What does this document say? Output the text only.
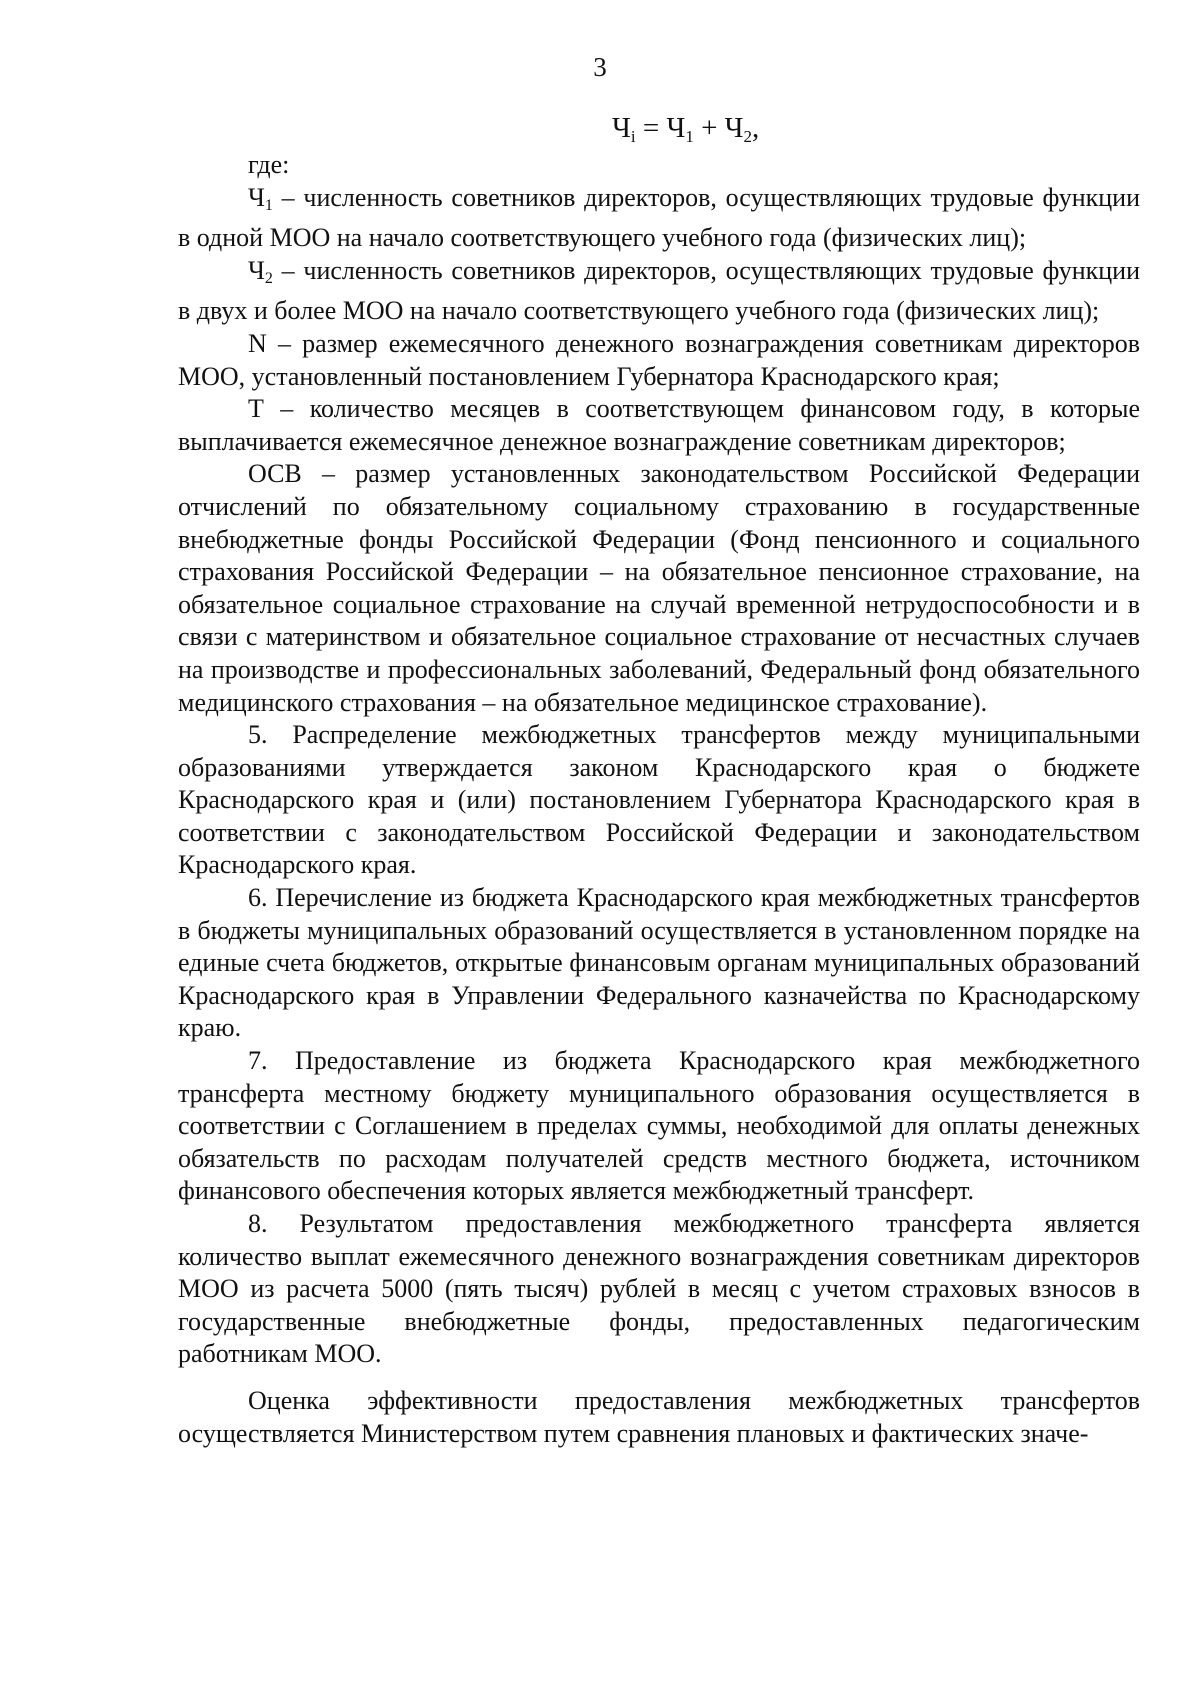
3
$Ч_i = Ч_1 + Ч_2$,

где:

$Ч_1$ – численность советников директоров, осуществляющих трудовые функции в одной МОО на начало соответствующего учебного года (физических лиц);

$Ч_2$ – численность советников директоров, осуществляющих трудовые функции в двух и более МОО на начало соответствующего учебного года (физических лиц);

N – размер ежемесячного денежного вознаграждения советникам директоров МОО, установленный постановлением Губернатора Краснодарского края;

Т – количество месяцев в соответствующем финансовом году, в которые выплачивается ежемесячное денежное вознаграждение советникам директоров;

ОСВ – размер установленных законодательством Российской Федерации отчислений по обязательному социальному страхованию в государственные внебюджетные фонды Российской Федерации (Фонд пенсионного и социального страхования Российской Федерации – на обязательное пенсионное страхование, на обязательное социальное страхование на случай временной нетрудоспособности и в связи с материнством и обязательное социальное страхование от несчастных случаев на производстве и профессиональных заболеваний, Федеральный фонд обязательного медицинского страхования – на обязательное медицинское страхование).

5. Распределение межбюджетных трансфертов между муниципальными образованиями утверждается законом Краснодарского края о бюджете Краснодарского края и (или) постановлением Губернатора Краснодарского края в соответствии с законодательством Российской Федерации и законодательством Краснодарского края.

6. Перечисление из бюджета Краснодарского края межбюджетных трансфертов в бюджеты муниципальных образований осуществляется в установленном порядке на единые счета бюджетов, открытые финансовым органам муниципальных образований Краснодарского края в Управлении Федерального казначейства по Краснодарскому краю.

7. Предоставление из бюджета Краснодарского края межбюджетного трансферта местному бюджету муниципального образования осуществляется в соответствии с Соглашением в пределах суммы, необходимой для оплаты денежных обязательств по расходам получателей средств местного бюджета, источником финансового обеспечения которых является межбюджетный трансферт.

8. Результатом предоставления межбюджетного трансферта является количество выплат ежемесячного денежного вознаграждения советникам директоров МОО из расчета 5000 (пять тысяч) рублей в месяц с учетом страховых взносов в государственные внебюджетные фонды, предоставленных педагогическим работникам МОО.

Оценка эффективности предоставления межбюджетных трансфертов осуществляется Министерством путем сравнения плановых и фактических значе-
